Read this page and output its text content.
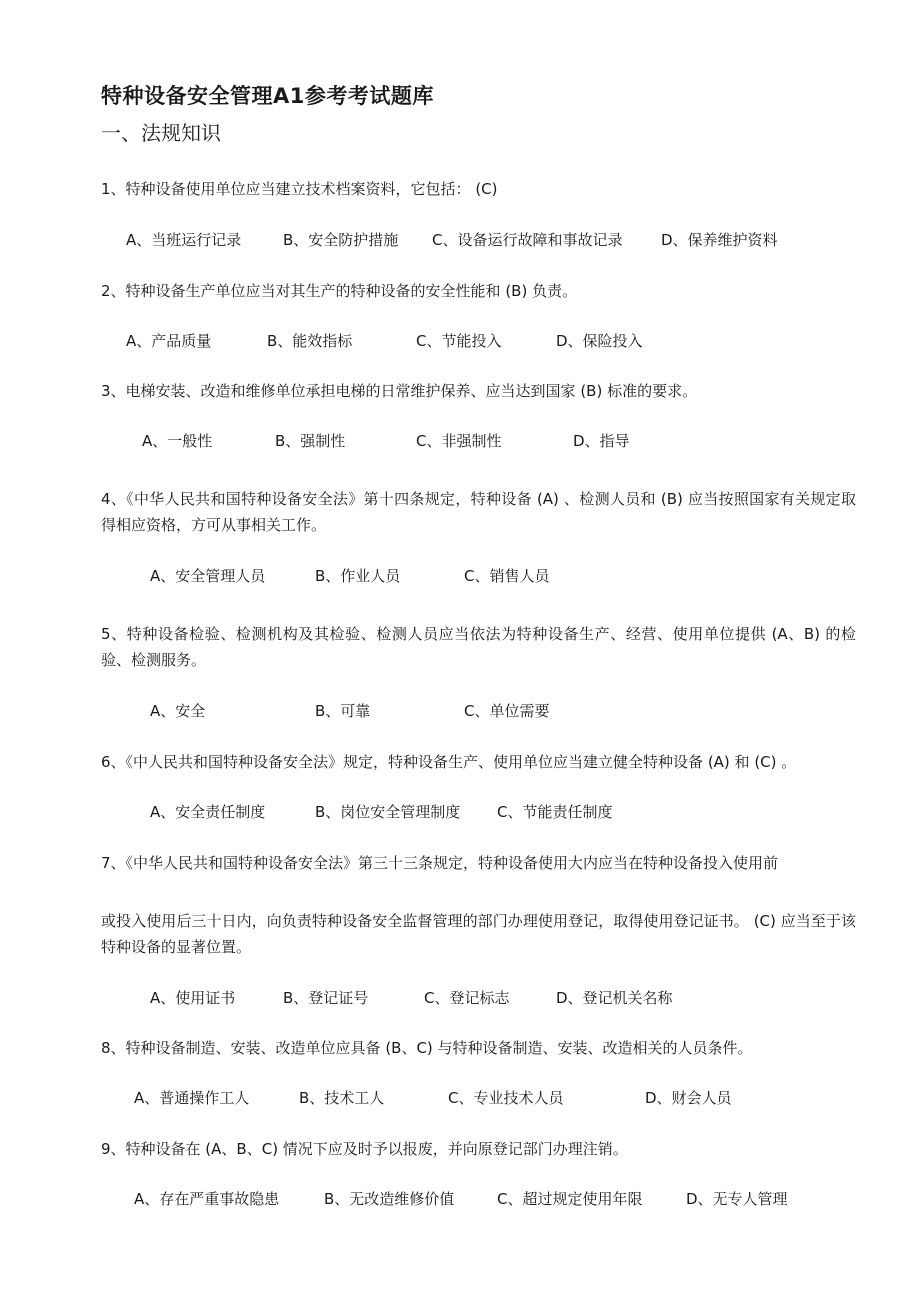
特种设备安全管理A1参考考试题库
一、法规知识
1、特种设备使用单位应当建立技术档案资料，它包括： (C)
A、当班运行记录	B、安全防护措施 C、设备运行故障和事故记录	D、保养维护资料
2、特种设备生产单位应当对其生产的特种设备的安全性能和 (B) 负责。
A、产品质量	B、能效指标	C、节能投入	D、保险投入
3、电梯安装、改造和维修单位承担电梯的日常维护保养、应当达到国家 (B) 标准的要求。
A、一般性	B、强制性	C、非强制性	D、指导
4、《中华人民共和国特种设备安全法》第十四条规定，特种设备 (A) 、检测人员和 (B) 应当按照国家有关规定取得相应资格，方可从事相关工作。
A、安全管理人员	B、作业人员	C、销售人员
5、特种设备检验、检测机构及其检验、检测人员应当依法为特种设备生产、经营、使用单位提供 (A、B) 的检验、检测服务。
A、安全	B、可靠	C、单位需要
6、《中人民共和国特种设备安全法》规定，特种设备生产、使用单位应当建立健全特种设备 (A) 和 (C) 。
A、安全责任制度	B、岗位安全管理制度 C、节能责任制度
7、《中华人民共和国特种设备安全法》第三十三条规定，特种设备使用大内应当在特种设备投入使用前
或投入使用后三十日内，向负责特种设备安全监督管理的部门办理使用登记，取得使用登记证书。 (C) 应当至于该特种设备的显著位置。
A、使用证书	B、登记证号	C、登记标志	D、登记机关名称
8、特种设备制造、安装、改造单位应具备 (B、C) 与特种设备制造、安装、改造相关的人员条件。
A、普通操作工人	B、技术工人	C、专业技术人员	D、财会人员
9、特种设备在 (A、B、C) 情况下应及时予以报废，并向原登记部门办理注销。
A、存在严重事故隐患	B、无改造维修价值	C、超过规定使用年限	D、无专人管理
